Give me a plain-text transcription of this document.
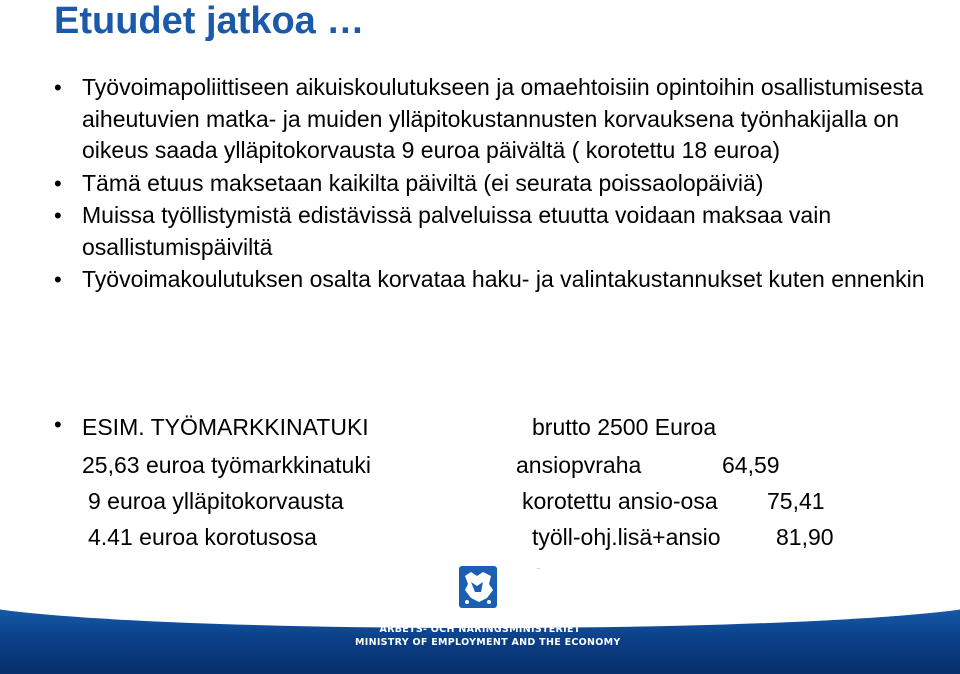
Etuudet jatkoa …
• Työvoimapoliittiseen aikuiskoulutukseen ja omaehtoisiin opintoihin osallistumisesta aiheutuvien matka- ja muiden ylläpitokustannusten korvauksena työnhakijalla on oikeus saada ylläpitokorvausta 9 euroa päivältä ( korotettu 18 euroa)
• Tämä etuus maksetaan kaikilta päiviltä (ei seurata poissaolopäiviä)
• Muissa työllistymistä edistävissä palveluissa etuutta voidaan maksaa vain osallistumispäiviltä
• Työvoimakoulutuksen osalta korvataa haku- ja valintakustannukset kuten ennenkin
• ESIM. TYÖMARKKINATUKI	brutto 2500 Euroa
25,63 euroa työmarkkinatuki	ansiopvraha	64,59
9 euroa ylläpitokorvausta	korotettu ansio-osa 75,41
4.41 euroa korotusosa	työll-ohj.lisä+ansio 81,90
TYÖ- JA ELINKEINOMINISTERIÖ
ARBETS- OCH NÄRINGSMINISTERIET
MINISTRY OF EMPLOYMENT AND THE ECONOMY
